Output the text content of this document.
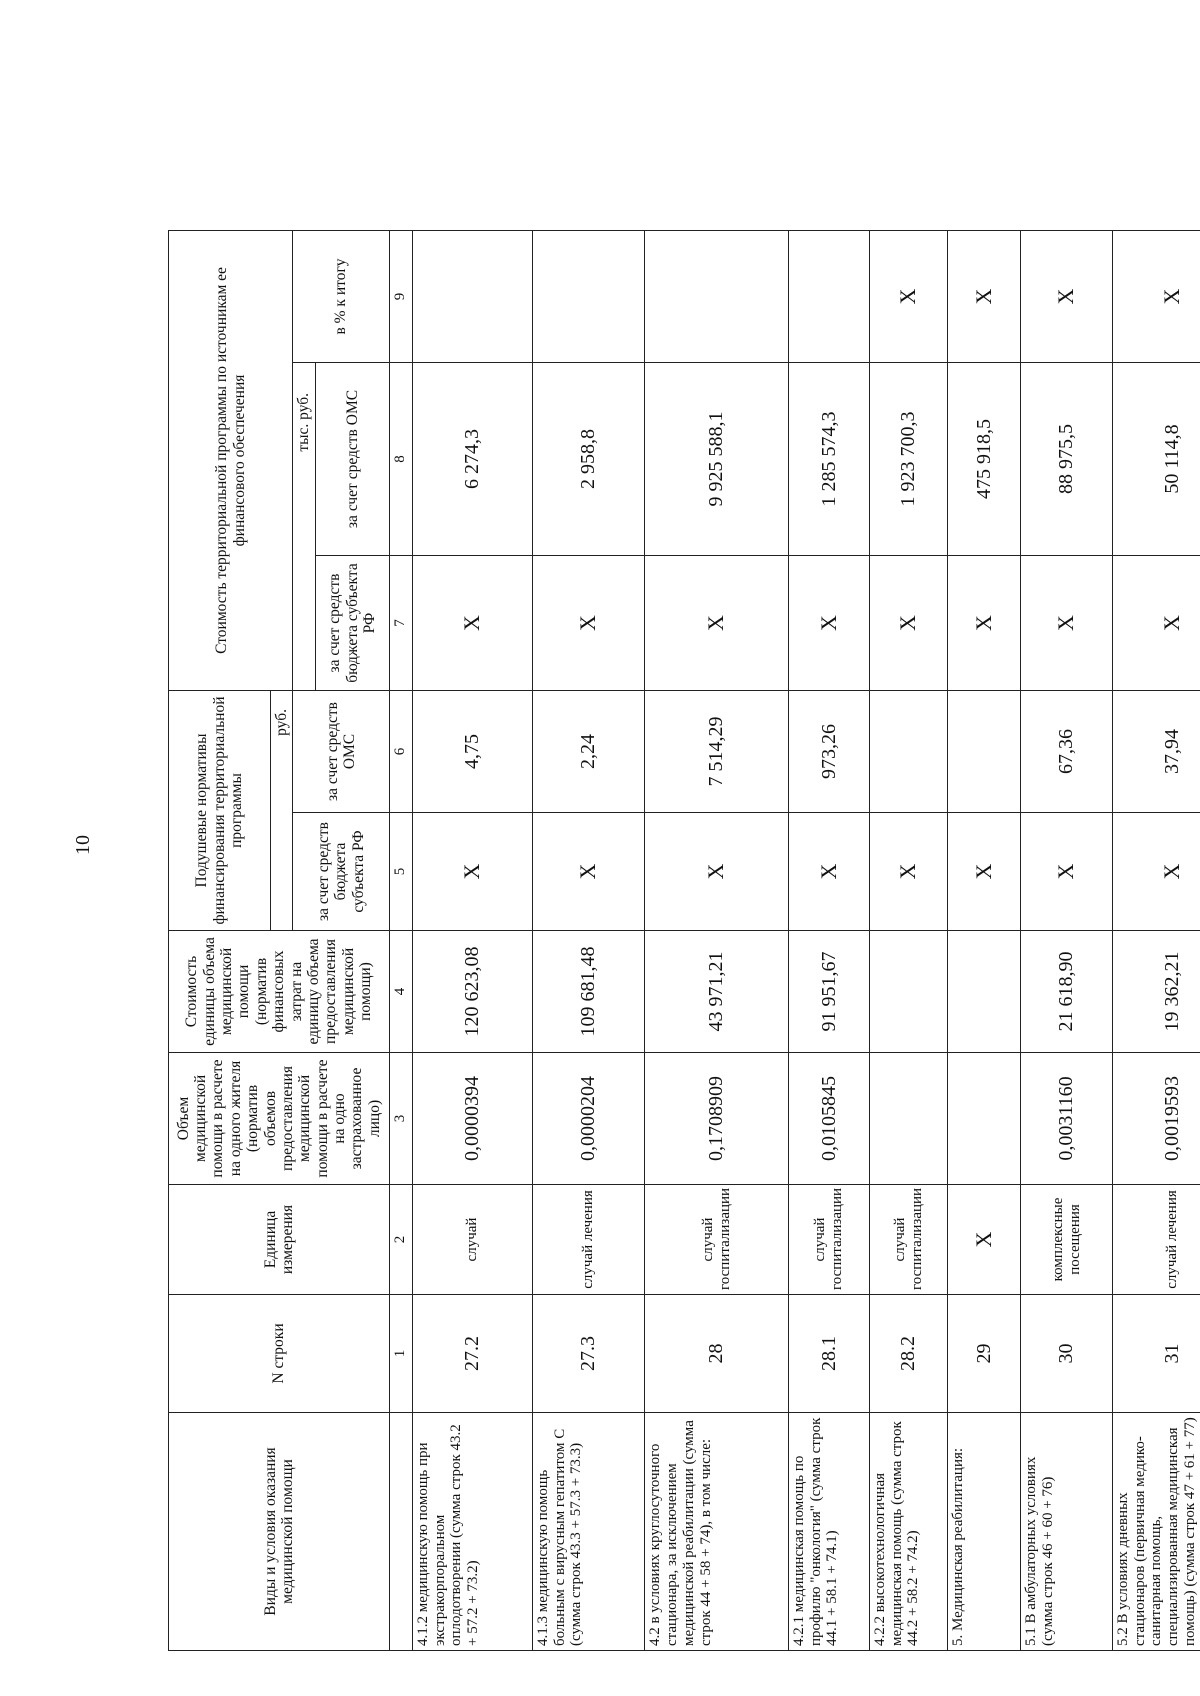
10
Виды и условия оказания медицинской помощи	N строки	Единица измерения	Объем медицинской помощи в расчете на одного жителя (норматив объемов предоставления медицинской помощи в расчете на одно застрахованное лицо)	Стоимость единицы объема медицинской помощи (норматив финансовых затрат на единицу объема предоставления медицинской помощи)	Подушевые нормативы финансирования территориальной программы		Стоимость территориальной программы по источникам ее финансового обеспечения		
					руб.				
					за счет средств бюджета субъекта РФ	за счет средств ОМС	тыс. руб.		в % к итогу
							за счет средств бюджета субъекта РФ	за счет средств ОМС	
	1	2	3	4	5	6	7	8	9
4.1.2 медицинскую помощь при экстракорпоральном оплодотворении (сумма строк 43.2 + 57.2 + 73.2)	27.2	случай	0,0000394	120 623,08	X	4,75	X	6 274,3	
4.1.3 медицинскую помощь больным с вирусным гепатитом С (сумма строк 43.3 + 57.3 + 73.3)	27.3	случай лечения	0,0000204	109 681,48	X	2,24	X	2 958,8	
4.2 в условиях круглосуточного стационара, за исключением медицинской реабилитации (сумма строк 44 + 58 + 74), в том числе:	28	случай госпитализации	0,1708909	43 971,21	X	7 514,29	X	9 925 588,1	
4.2.1 медицинская помощь по профилю "онкология" (сумма строк 44.1 + 58.1 + 74.1)	28.1	случай госпитализации	0,0105845	91 951,67	X	973,26	X	1 285 574,3	
4.2.2 высокотехнологичная медицинская помощь (сумма строк 44.2 + 58.2 + 74.2)	28.2	случай госпитализации			X		X	1 923 700,3	X
5. Медицинская реабилитация:	29	X			X		X	475 918,5	X
5.1 В амбулаторных условиях (сумма строк 46 + 60 + 76)	30	комплексные посещения	0,0031160	21 618,90	X	67,36	X	88 975,5	X
5.2 В условиях дневных стационаров (первичная медико-санитарная помощь, специализированная медицинская помощь) (сумма строк 47 + 61 + 77)	31	случай лечения	0,0019593	19 362,21	X	37,94	X	50 114,8	X
